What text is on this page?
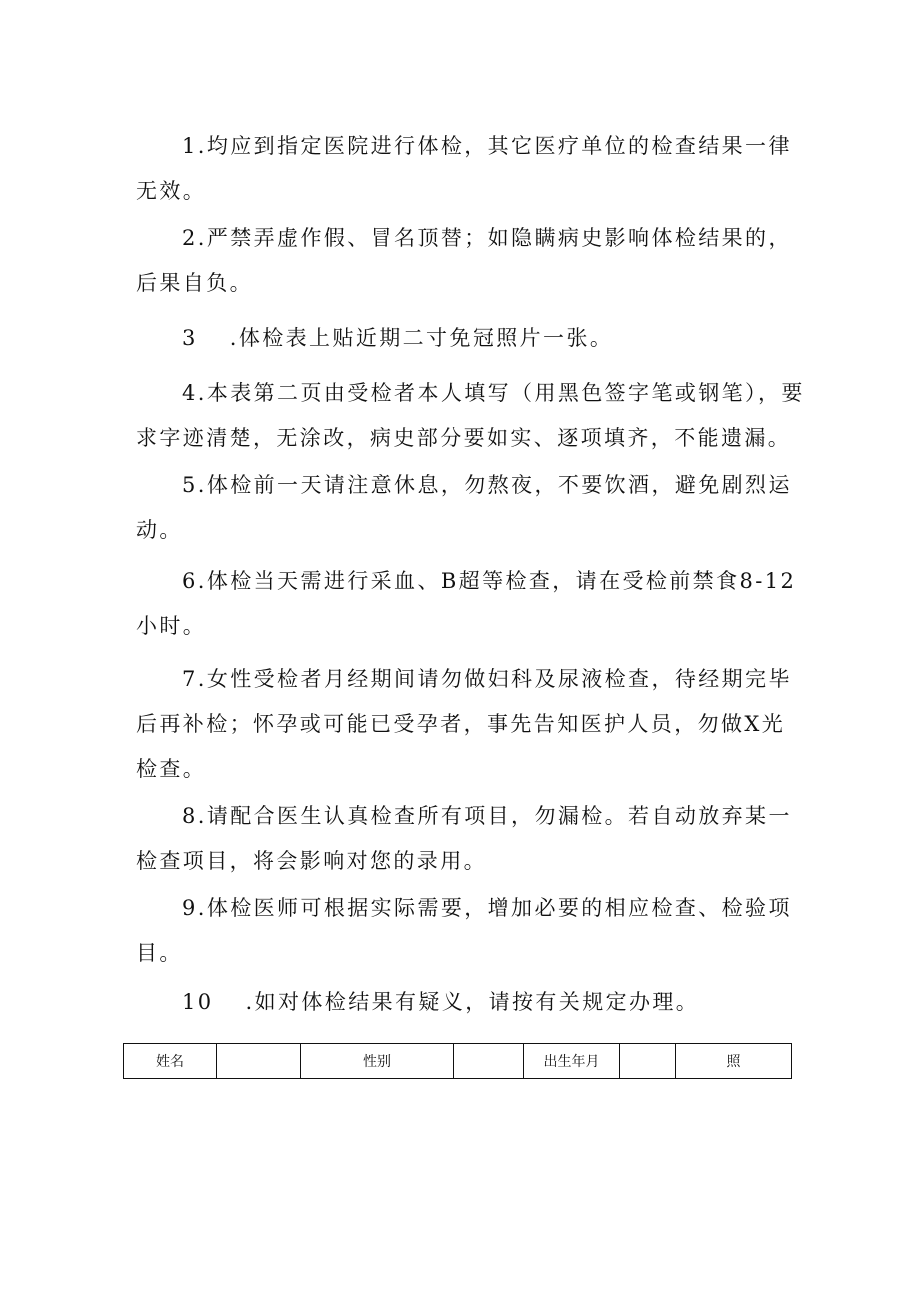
1.均应到指定医院进行体检，其它医疗单位的检查结果一律无效。
2.严禁弄虚作假、冒名顶替；如隐瞒病史影响体检结果的，后果自负。
3 .体检表上贴近期二寸免冠照片一张。
4.本表第二页由受检者本人填写（用黑色签字笔或钢笔），要求字迹清楚，无涂改，病史部分要如实、逐项填齐，不能遗漏。
5.体检前一天请注意休息，勿熬夜，不要饮酒，避免剧烈运动。
6.体检当天需进行采血、B超等检查，请在受检前禁食8-12小时。
7.女性受检者月经期间请勿做妇科及尿液检查，待经期完毕后再补检；怀孕或可能已受孕者，事先告知医护人员，勿做X光检查。
8.请配合医生认真检查所有项目，勿漏检。若自动放弃某一检查项目，将会影响对您的录用。
9.体检医师可根据实际需要，增加必要的相应检查、检验项目。
10 .如对体检结果有疑义，请按有关规定办理。
姓名		性别		出生年月		照
